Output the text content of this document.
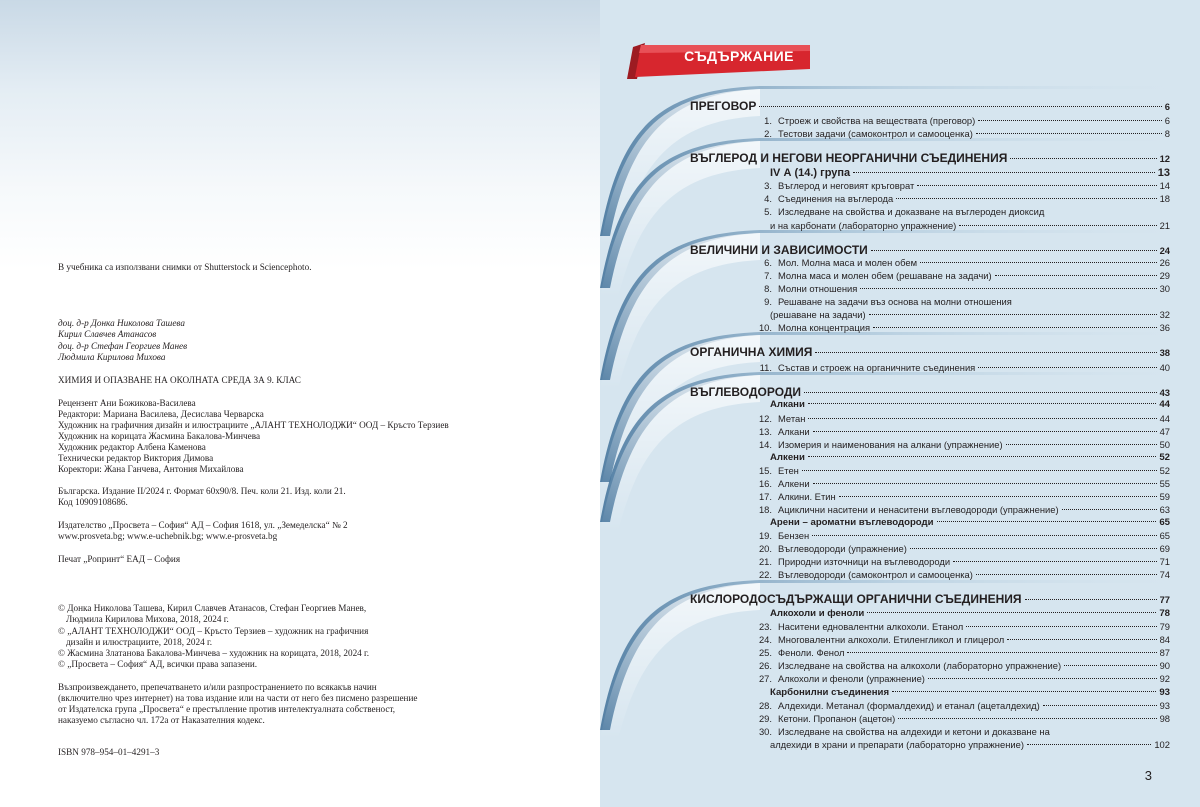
В учебника са използвани снимки от Shutterstock и Sciencephoto.
доц. д-р Донка Николова Ташева
Кирил Славчев Атанасов
доц. д-р Стефан Георгиев Манев
Людмила Кирилова Михова
ХИМИЯ И ОПАЗВАНЕ НА ОКОЛНАТА СРЕДА ЗА 9. КЛАС
Рецензент Ани Божикова-Василева
Редактори: Мариана Василева, Десислава Черварска
Художник на графичния дизайн и илюстрациите „АЛАНТ ТЕХНОЛОДЖИ“ ООД – Кръсто Терзиев
Художник на корицата Жасмина Бакалова-Минчева
Художник редактор Албена Каменова
Технически редактор Виктория Димова
Коректори: Жана Ганчева, Антония Михайлова
Българска. Издание II/2024 г. Формат 60х90/8. Печ. коли 21. Изд. коли 21.
Код 10909108686.
Издателство „Просвета – София“ АД – София 1618, ул. „Земеделска“ № 2
www.prosveta.bg; www.e-uchebnik.bg; www.e-prosveta.bg
Печат „Ропринт“ ЕАД – София
© Донка Николова Ташева, Кирил Славчев Атанасов, Стефан Георгиев Манев,
Людмила Кирилова Михова, 2018, 2024 г.
© „АЛАНТ ТЕХНОЛОДЖИ“ ООД – Кръсто Терзиев – художник на графичния
дизайн и илюстрациите, 2018, 2024 г.
© Жасмина Златанова Бакалова-Минчева – художник на корицата, 2018, 2024 г.
© „Просвета – София“ АД, всички права запазени.
Възпроизвеждането, препечатването и/или разпространението по всякакъв начин
(включително чрез интернет) на това издание или на части от него без писмено разрешение
от Издателска група „Просвета“ е престъпление против интелектуалната собственост,
наказуемо съгласно чл. 172а от Наказателния кодекс.
ISBN 978–954–01–4291–3
СЪДЪРЖАНИЕ
ПРЕГОВОР	6
1. Строеж и свойства на веществата (преговор)	6
2. Тестови задачи (самоконтрол и самооценка)	8
ВЪГЛЕРОД И НЕГОВИ НЕОРГАНИЧНИ СЪЕДИНЕНИЯ	12
IV А (14.) група	13
3. Въглерод и неговият кръговрат	14
4. Съединения на въглерода	18
5. Изследване на свойства и доказване на въглероден диоксид
и на карбонати (лабораторно упражнение)	21
ВЕЛИЧИНИ И ЗАВИСИМОСТИ	24
6. Мол. Молна маса и молен обем	26
7. Молна маса и молен обем (решаване на задачи)	29
8. Молни отношения	30
9. Решаване на задачи въз основа на молни отношения
(решаване на задачи)	32
10. Молна концентрация	36
ОРГАНИЧНА ХИМИЯ	38
11. Състав и строеж на органичните съединения	40
ВЪГЛЕВОДОРОДИ	43
Алкани	44
12. Метан	44
13. Алкани	47
14. Изомерия и наименования на алкани (упражнение)	50
Алкени	52
15. Етен	52
16. Алкени	55
17. Алкини. Етин	59
18. Ациклични наситени и ненаситени въглеводороди (упражнение)	63
Арени – ароматни въглеводороди	65
19. Бензен	65
20. Въглеводороди (упражнение)	69
21. Природни източници на въглеводороди	71
22. Въглеводороди (самоконтрол и самооценка)	74
КИСЛОРОДОСЪДЪРЖАЩИ ОРГАНИЧНИ СЪЕДИНЕНИЯ	77
Алкохоли и феноли	78
23. Наситени едновалентни алкохоли. Етанол	79
24. Многовалентни алкохоли. Етиленгликол и глицерол	84
25. Феноли. Фенол	87
26. Изследване на свойства на алкохоли (лабораторно упражнение)	90
27. Алкохоли и феноли (упражнение)	92
Карбонилни съединения	93
28. Алдехиди. Метанал (формалдехид) и етанал (ацеталдехид)	93
29. Кетони. Пропанон (ацетон)	98
30. Изследване на свойства на алдехиди и кетони и доказване на
алдехиди в храни и препарати (лабораторно упражнение)	102
3
